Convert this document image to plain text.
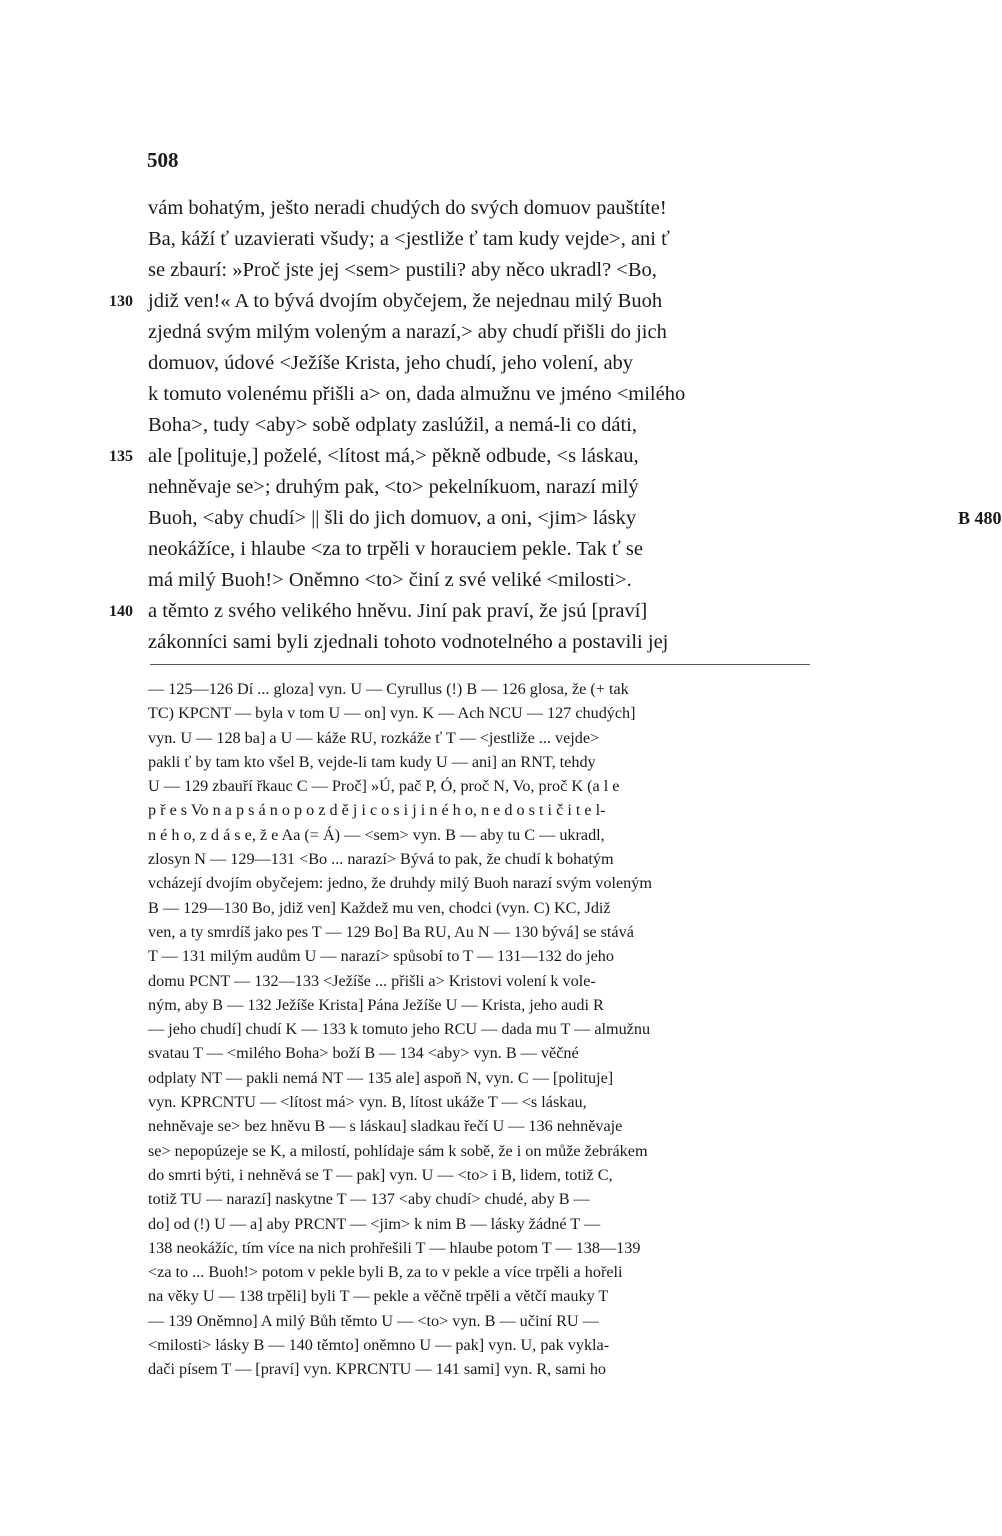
508
vám bohatým, ješto neradi chudých do svých domuov pauštíte!
Ba, káží ť uzavierati všudy; a <jestliže ť tam kudy vejde>, ani ť
se zbaurí: »Proč jste jej <sem> pustili? aby něco ukradl? <Bo,
130 jdiž ven!« A to bývá dvojím obyčejem, že nejednau milý Buoh
zjedná svým milým voleným a narazí,> aby chudí přišli do jich
domuov, údové <Ježíše Krista, jeho chudí, jeho volení, aby
k tomuto volenému přišli a> on, dada almužnu ve jméno <milého
Boha>, tudy <aby> sobě odplaty zaslúžil, a nemá-li co dáti,
135 ale [polituje,] poželé, <lítost má,> pěkně odbude, <s láskau,
nehněvaje se>; druhým pak, <to> pekelníkuom, narazí milý
Buoh, <aby chudí> || šli do jich domuov, a oni, <jim> lásky	B 480
neokážíce, i hlaube <za to trpěli v horauciem pekle. Tak ť se
má milý Buoh!> Oněmno <to> činí z své veliké <milosti>.
140 a těmto z svého velikého hněvu. Jiní pak praví, že jsú [praví]
zákonníci sami byli zjednali tohoto vodnotelného a postavili jej
— 125—126 Dí ... gloza] vyn. U — Cyrullus (!) B — 126 glosa, že (+ takTC) KPCNT — byla v tom U — on] vyn. K — Ach NCU — 127 chudých]vyn. U — 128 ba] a U — káže RU, rozkáže ť T — <jestliže ... vejde>pakli ť by tam kto všel B, vejde-li tam kudy U — ani] an RNT, tehdyU — 129 zbauří řkauc C — Proč] »Ú, pač P, Ó, proč N, Vo, proč K (a l ep ř e s Vo n a p s á n o p o z d ě j i c o s i j i n é h o, n e d o s t i č i t e l-n é h o, z d á s e, ž e Aa (= Á) — <sem> vyn. B — aby tu C — ukradl,zlosyn N — 129—131 <Bo ... narazí> Bývá to pak, že chudí k bohatýmvcházejí dvojím obyčejem: jedno, že druhdy milý Buoh narazí svým volenýmB — 129—130 Bo, jdiž ven] Každež mu ven, chodci (vyn. C) KC, Jdižven, a ty smrdíš jako pes T — 129 Bo] Ba RU, Au N — 130 bývá] se stáváT — 131 milým audům U — narazí> spůsobí to T — 131—132 do jehodomu PCNT — 132—133 <Ježíše ... přišli a> Kristovi volení k vole-ným, aby B — 132 Ježíše Krista] Pána Ježíše U — Krista, jeho audi R— jeho chudí] chudí K — 133 k tomuto jeho RCU — dada mu T — almužnusvatau T — <milého Boha> boží B — 134 <aby> vyn. B — věčnéodplaty NT — pakli nemá NT — 135 ale] aspoň N, vyn. C — [polituje]vyn. KPRCNTU — <lítost má> vyn. B, lítost ukáže T — <s láskau,nehněvaje se> bez hněvu B — s láskau] sladkau řečí U — 136 nehněvajese> nepopúzeje se K, a milostí, pohlídaje sám k sobě, že i on může žebrákemdo smrti býti, i nehněvá se T — pak] vyn. U — <to> i B, lidem, totiž C,totiž TU — narazí] naskytne T — 137 <aby chudí> chudé, aby B —do] od (!) U — a] aby PRCNT — <jim> k nim B — lásky žádné T —138 neokážíc, tím více na nich prohřešili T — hlaube potom T — 138—139<za to ... Buoh!> potom v pekle byli B, za to v pekle a více trpěli a hořelina věky U — 138 trpěli] byli T — pekle a věčně trpěli a větčí mauky T— 139 Oněmno] A milý Bůh těmto U — <to> vyn. B — učiní RU —<milosti> lásky B — 140 těmto] oněmno U — pak] vyn. U, pak vykla-dači písem T — [praví] vyn. KPRCNTU — 141 sami] vyn. R, sami ho
